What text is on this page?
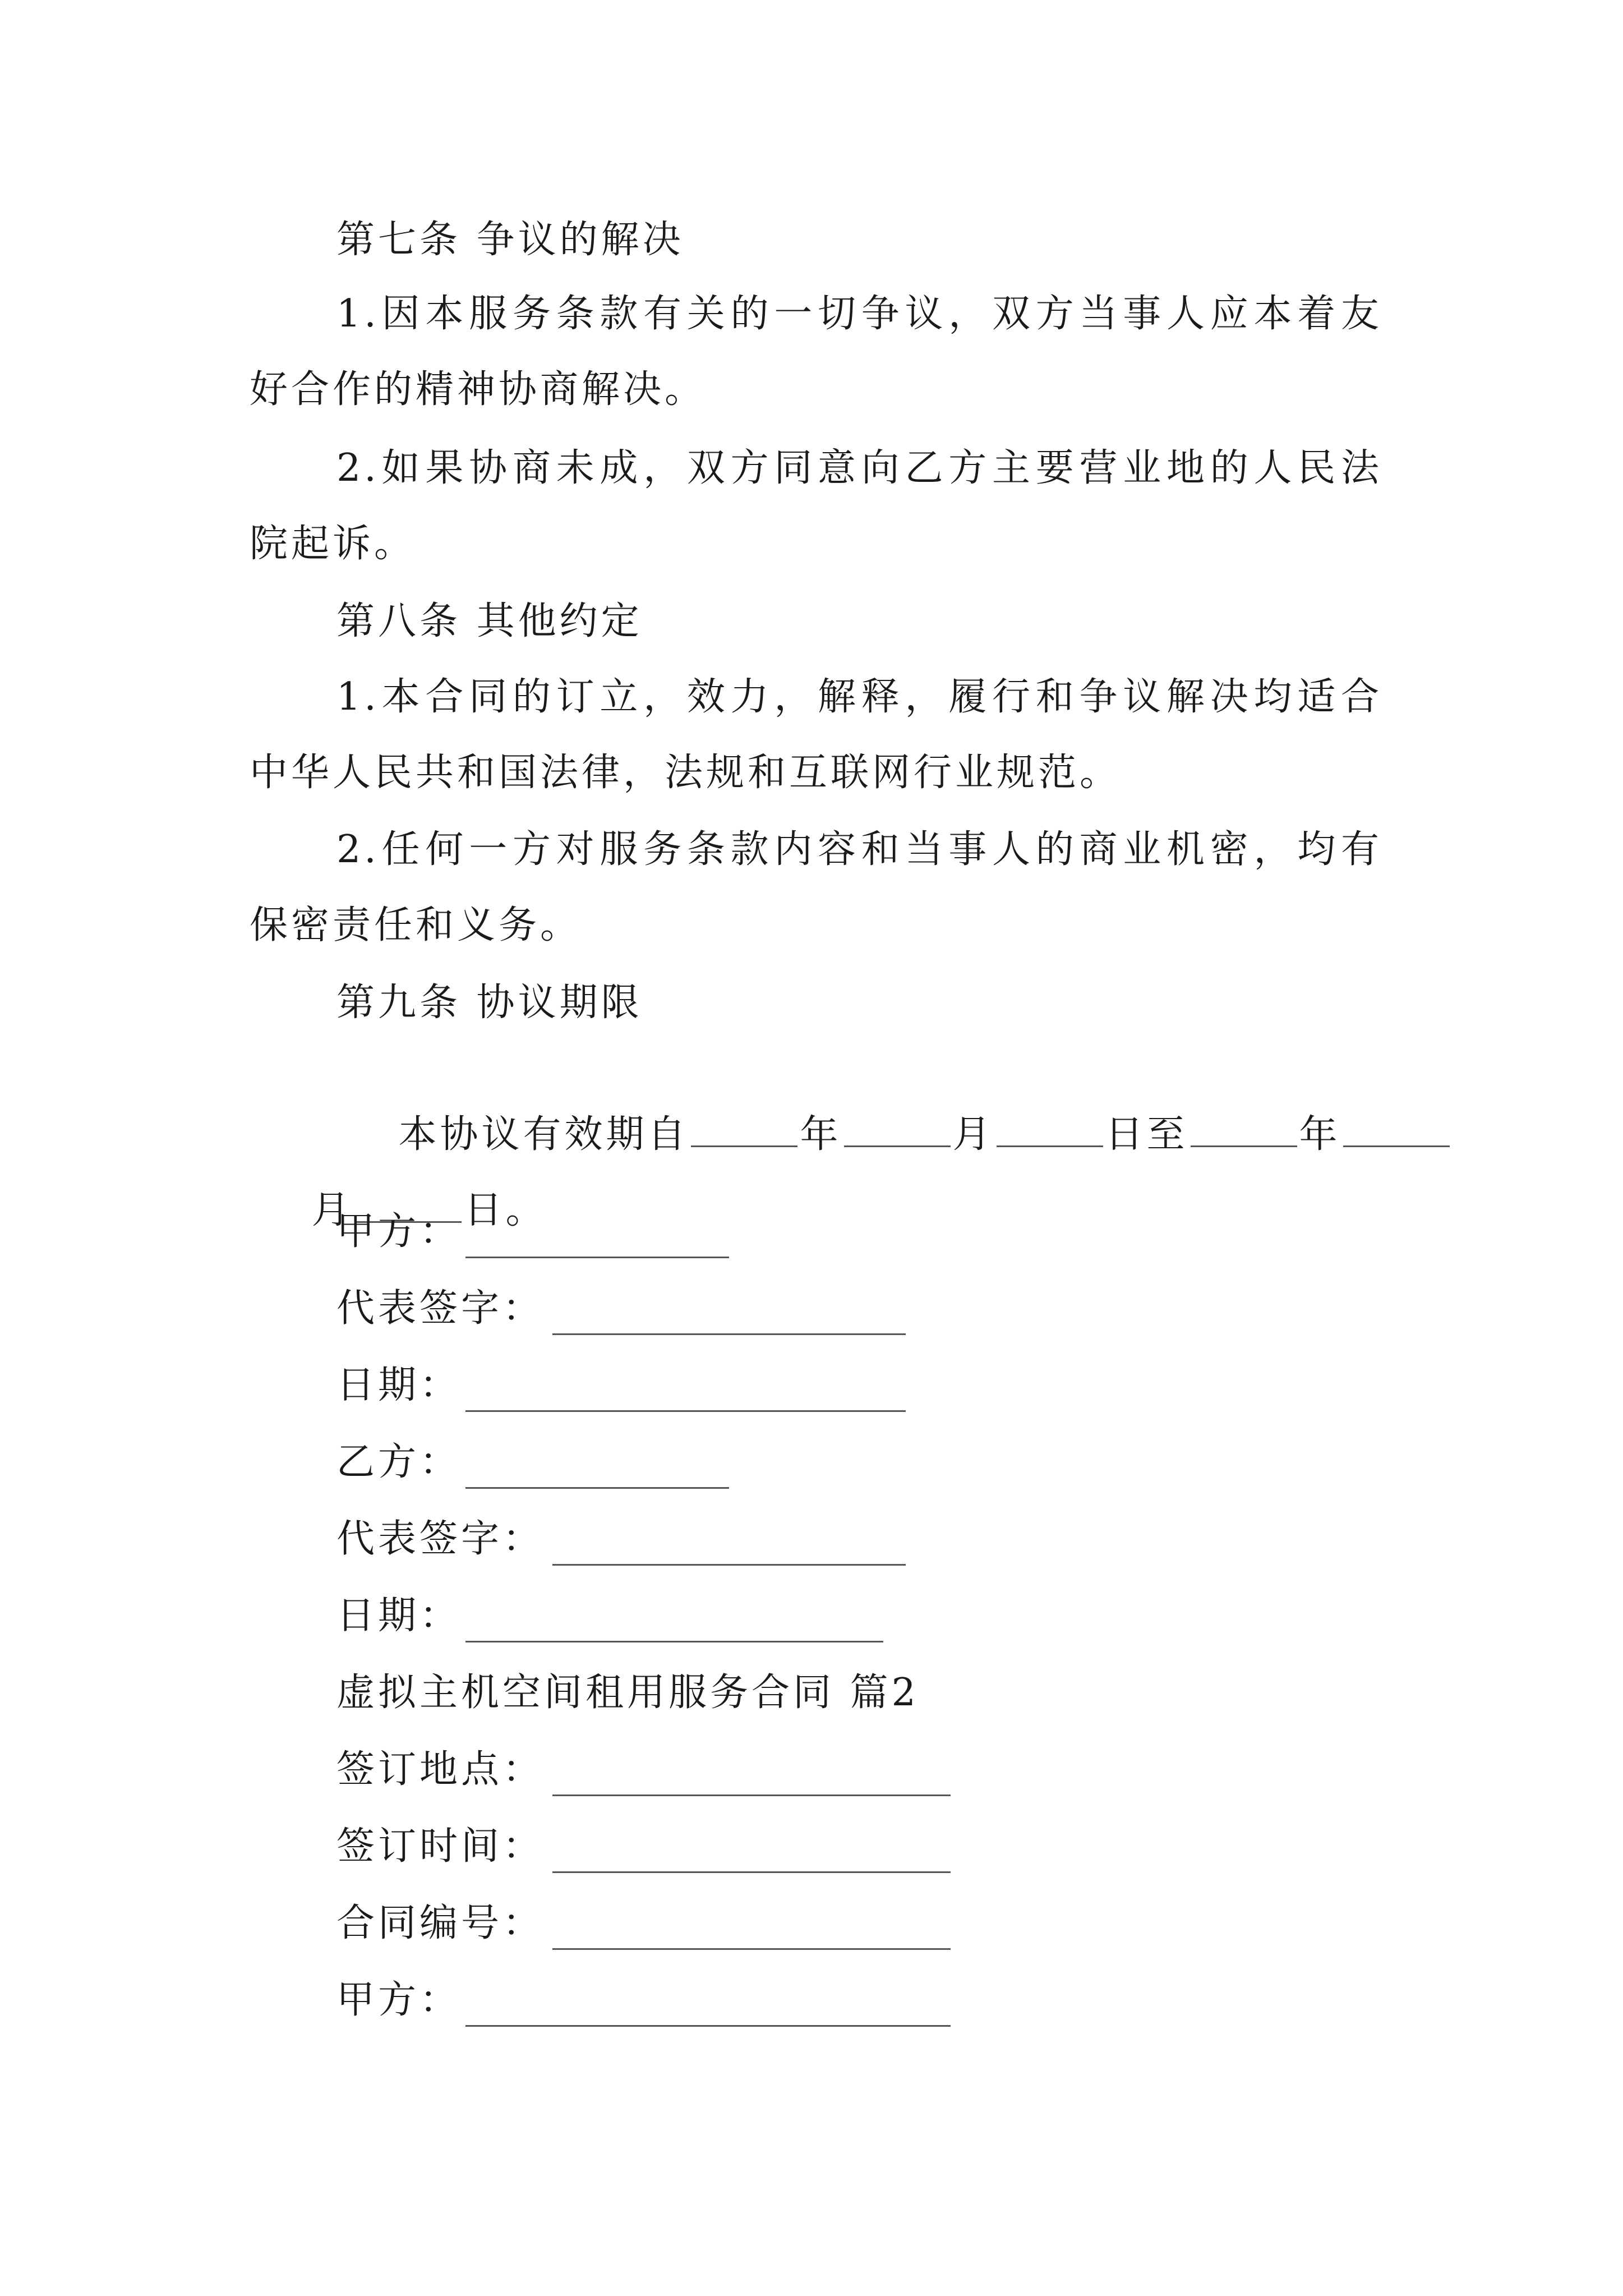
第七条 争议的解决
1.因本服务条款有关的一切争议，双方当事人应本着友
好合作的精神协商解决。
2.如果协商未成，双方同意向乙方主要营业地的人民法
院起诉。
第八条 其他约定
1.本合同的订立，效力，解释，履行和争议解决均适合
中华人民共和国法律，法规和互联网行业规范。
2.任何一方对服务条款内容和当事人的商业机密，均有
保密责任和义务。
第九条 协议期限

本协议有效期自	年	月	日至	年

月	日。

甲方：
代表签字：
日期：
乙方：
代表签字：
日期：
虚拟主机空间租用服务合同 篇2
签订地点：
签订时间：
合同编号：
甲方：
